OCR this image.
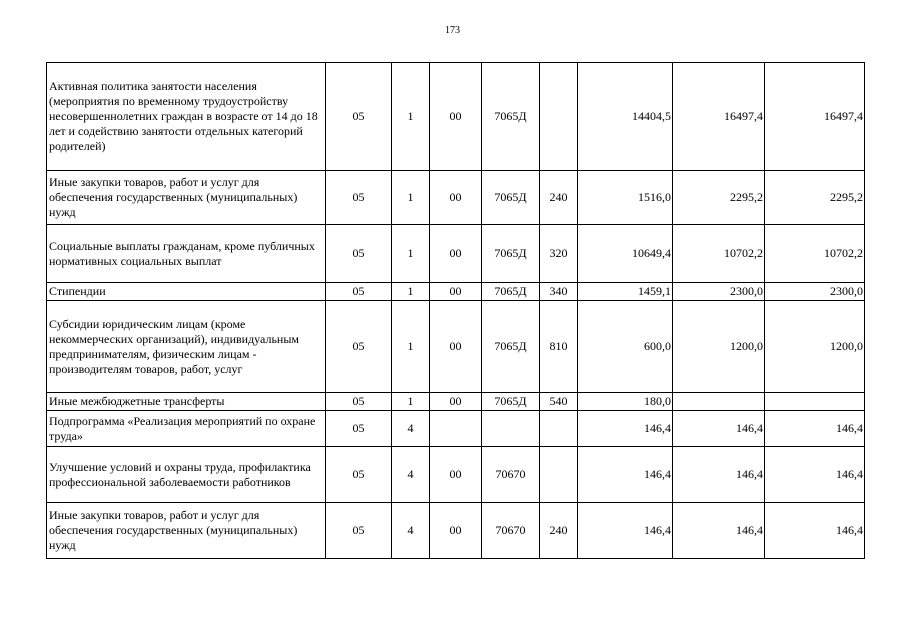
173
Активная политика занятости населения (мероприятия по временному трудоустройству несовершеннолетних граждан в возрасте от 14 до 18 лет и содействию занятости отдельных категорий родителей)	05	1	00	7065Д		14404,5	16497,4	16497,4
Иные закупки товаров, работ и услуг для обеспечения государственных (муниципальных) нужд	05	1	00	7065Д	240	1516,0	2295,2	2295,2
Социальные выплаты гражданам, кроме публичных нормативных социальных выплат	05	1	00	7065Д	320	10649,4	10702,2	10702,2
Стипендии	05	1	00	7065Д	340	1459,1	2300,0	2300,0
Субсидии юридическим лицам (кроме некоммерческих организаций), индивидуальным предпринимателям, физическим лицам - производителям товаров, работ, услуг	05	1	00	7065Д	810	600,0	1200,0	1200,0
Иные межбюджетные трансферты	05	1	00	7065Д	540	180,0		
Подпрограмма «Реализация мероприятий по охране труда»	05	4				146,4	146,4	146,4
Улучшение условий и охраны труда, профилактика профессиональной заболеваемости работников	05	4	00	70670		146,4	146,4	146,4
Иные закупки товаров, работ и услуг для обеспечения государственных (муниципальных) нужд	05	4	00	70670	240	146,4	146,4	146,4
